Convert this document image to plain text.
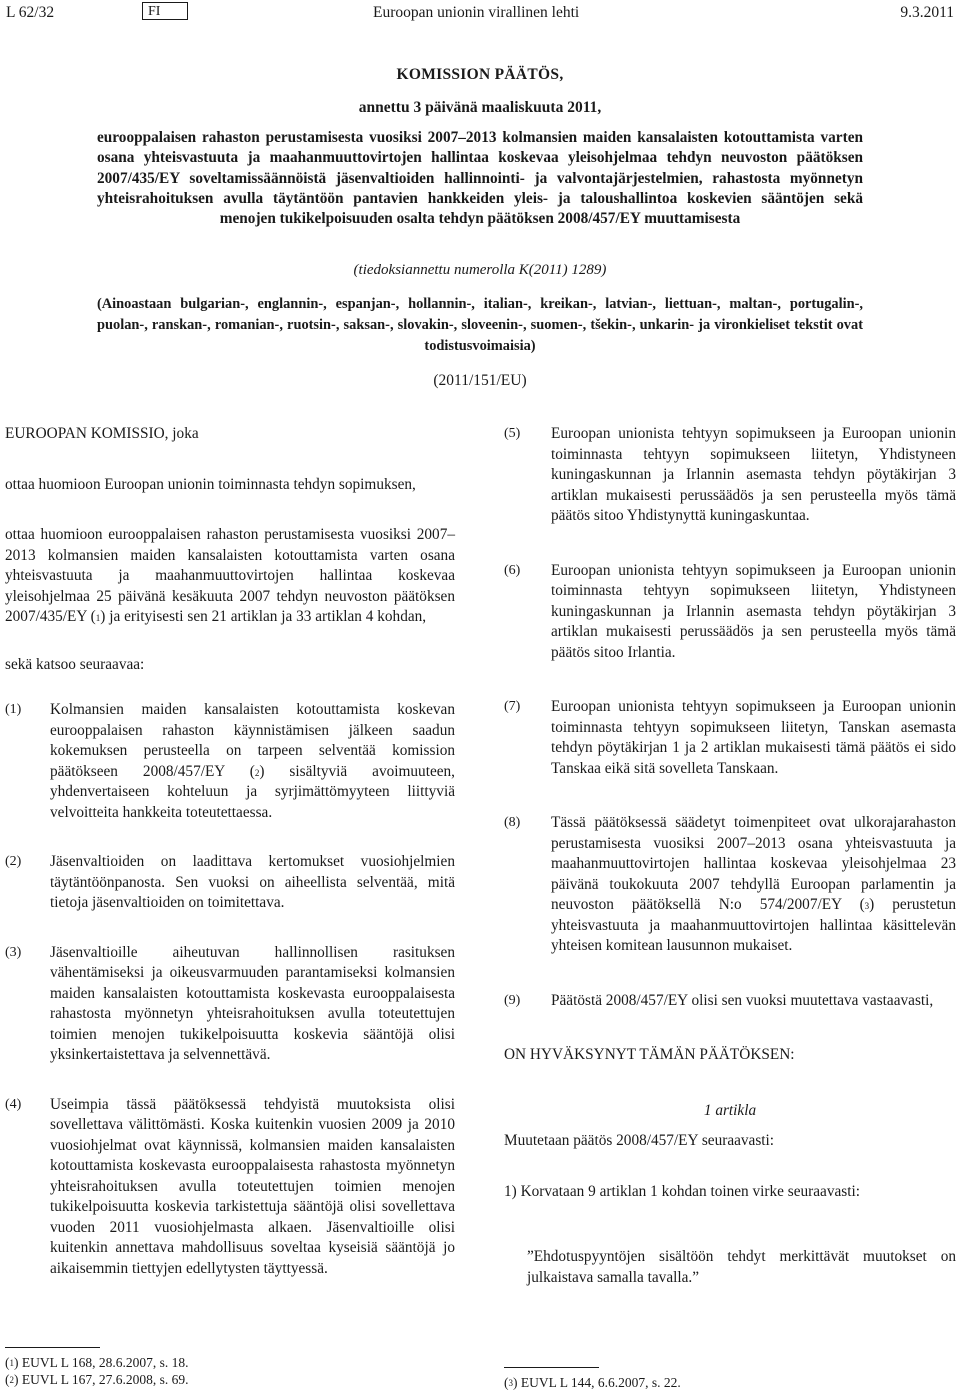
L 62/32	FI	Euroopan unionin virallinen lehti	9.3.2011
KOMISSION PÄÄTÖS,
annettu 3 päivänä maaliskuuta 2011,
eurooppalaisen rahaston perustamisesta vuosiksi 2007–2013 kolmansien maiden kansalaisten kotouttamista varten osana yhteisvastuuta ja maahanmuuttovirtojen hallintaa koskevaa yleisohjelmaa tehdyn neuvoston päätöksen 2007/435/EY soveltamissäännöistä jäsenvaltioiden hallinnointi- ja valvontajärjestelmien, rahastosta myönnetyn yhteisrahoituksen avulla täytäntöön pantavien hankkeiden yleis- ja taloushallintoa koskevien sääntöjen sekä menojen tukikelpoisuuden osalta tehdyn päätöksen 2008/457/EY muuttamisesta
(tiedoksiannettu numerolla K(2011) 1289)
(Ainoastaan bulgarian-, englannin-, espanjan-, hollannin-, italian-, kreikan-, latvian-, liettuan-, maltan-, portugalin-, puolan-, ranskan-, romanian-, ruotsin-, saksan-, slovakin-, sloveenin-, suomen-, tšekin-, unkarin- ja vironkieliset tekstit ovat todistusvoimaisia)
(2011/151/EU)

EUROOPAN KOMISSIO, joka

ottaa huomioon Euroopan unionin toiminnasta tehdyn sopimuksen,

ottaa huomioon eurooppalaisen rahaston perustamisesta vuosiksi 2007–2013 kolmansien maiden kansalaisten kotouttamista varten osana yhteisvastuuta ja maahanmuuttovirtojen hallintaa koskevaa yleisohjelmaa 25 päivänä kesäkuuta 2007 tehdyn neuvoston päätöksen 2007/435/EY ($^1$) ja erityisesti sen 21 artiklan ja 33 artiklan 4 kohdan,

sekä katsoo seuraavaa:

(1) Kolmansien maiden kansalaisten kotouttamista koskevan eurooppalaisen rahaston käynnistämisen jälkeen saadun kokemuksen perusteella on tarpeen selventää komission päätökseen 2008/457/EY ($^2$) sisältyviä avoimuuteen, yhdenvertaiseen kohteluun ja syrjimättömyyteen liittyviä velvoitteita hankkeita toteutettaessa.
(2) Jäsenvaltioiden on laadittava kertomukset vuosiohjelmien täytäntöönpanosta. Sen vuoksi on aiheellista selventää, mitä tietoja jäsenvaltioiden on toimitettava.
(3) Jäsenvaltioille aiheutuvan hallinnollisen rasituksen vähentämiseksi ja oikeusvarmuuden parantamiseksi kolmansien maiden kansalaisten kotouttamista koskevasta eurooppalaisesta rahastosta myönnetyn yhteisrahoituksen avulla toteutettujen toimien menojen tukikelpoisuutta koskevia sääntöjä olisi yksinkertaistettava ja selvennettävä.
(4) Useimpia tässä päätöksessä tehdyistä muutoksista olisi sovellettava välittömästi. Koska kuitenkin vuosien 2009 ja 2010 vuosiohjelmat ovat käynnissä, kolmansien maiden kansalaisten kotouttamista koskevasta eurooppalaisesta rahastosta myönnetyn yhteisrahoituksen avulla toteutettujen toimien menojen tukikelpoisuutta koskevia tarkistettuja sääntöjä olisi sovellettava vuoden 2011 vuosiohjelmasta alkaen. Jäsenvaltioille olisi kuitenkin annettava mahdollisuus soveltaa kyseisiä sääntöjä jo aikaisemmin tiettyjen edellytysten täyttyessä.
($^1$) EUVL L 168, 28.6.2007, s. 18.
($^2$) EUVL L 167, 27.6.2008, s. 69.
(5) Euroopan unionista tehtyyn sopimukseen ja Euroopan unionin toiminnasta tehtyyn sopimukseen liitetyn, Yhdistyneen kuningaskunnan ja Irlannin asemasta tehdyn pöytäkirjan 3 artiklan mukaisesti perussäädös ja sen perusteella myös tämä päätös sitoo Yhdistynyttä kuningaskuntaa.
(6) Euroopan unionista tehtyyn sopimukseen ja Euroopan unionin toiminnasta tehtyyn sopimukseen liitetyn, Yhdistyneen kuningaskunnan ja Irlannin asemasta tehdyn pöytäkirjan 3 artiklan mukaisesti perussäädös ja sen perusteella myös tämä päätös sitoo Irlantia.
(7) Euroopan unionista tehtyyn sopimukseen ja Euroopan unionin toiminnasta tehtyyn sopimukseen liitetyn, Tanskan asemasta tehdyn pöytäkirjan 1 ja 2 artiklan mukaisesti tämä päätös ei sido Tanskaa eikä sitä sovelleta Tanskaan.
(8) Tässä päätöksessä säädetyt toimenpiteet ovat ulkorajarahaston perustamisesta vuosiksi 2007–2013 osana yhteisvastuuta ja maahanmuuttovirtojen hallintaa koskevaa yleisohjelmaa 23 päivänä toukokuuta 2007 tehdyllä Euroopan parlamentin ja neuvoston päätöksellä N:o 574/2007/EY ($^3$) perustetun yhteisvastuuta ja maahanmuuttovirtojen hallintaa käsittelevän yhteisen komitean lausunnon mukaiset.
(9) Päätöstä 2008/457/EY olisi sen vuoksi muutettava vastaavasti,

ON HYVÄKSYNYT TÄMÄN PÄÄTÖKSEN:

1 artikla

Muutetaan päätös 2008/457/EY seuraavasti:

1) Korvataan 9 artiklan 1 kohdan toinen virke seuraavasti:

”Ehdotuspyyntöjen sisältöön tehdyt merkittävät muutokset on julkaistava samalla tavalla.”

($^3$) EUVL L 144, 6.6.2007, s. 22.
